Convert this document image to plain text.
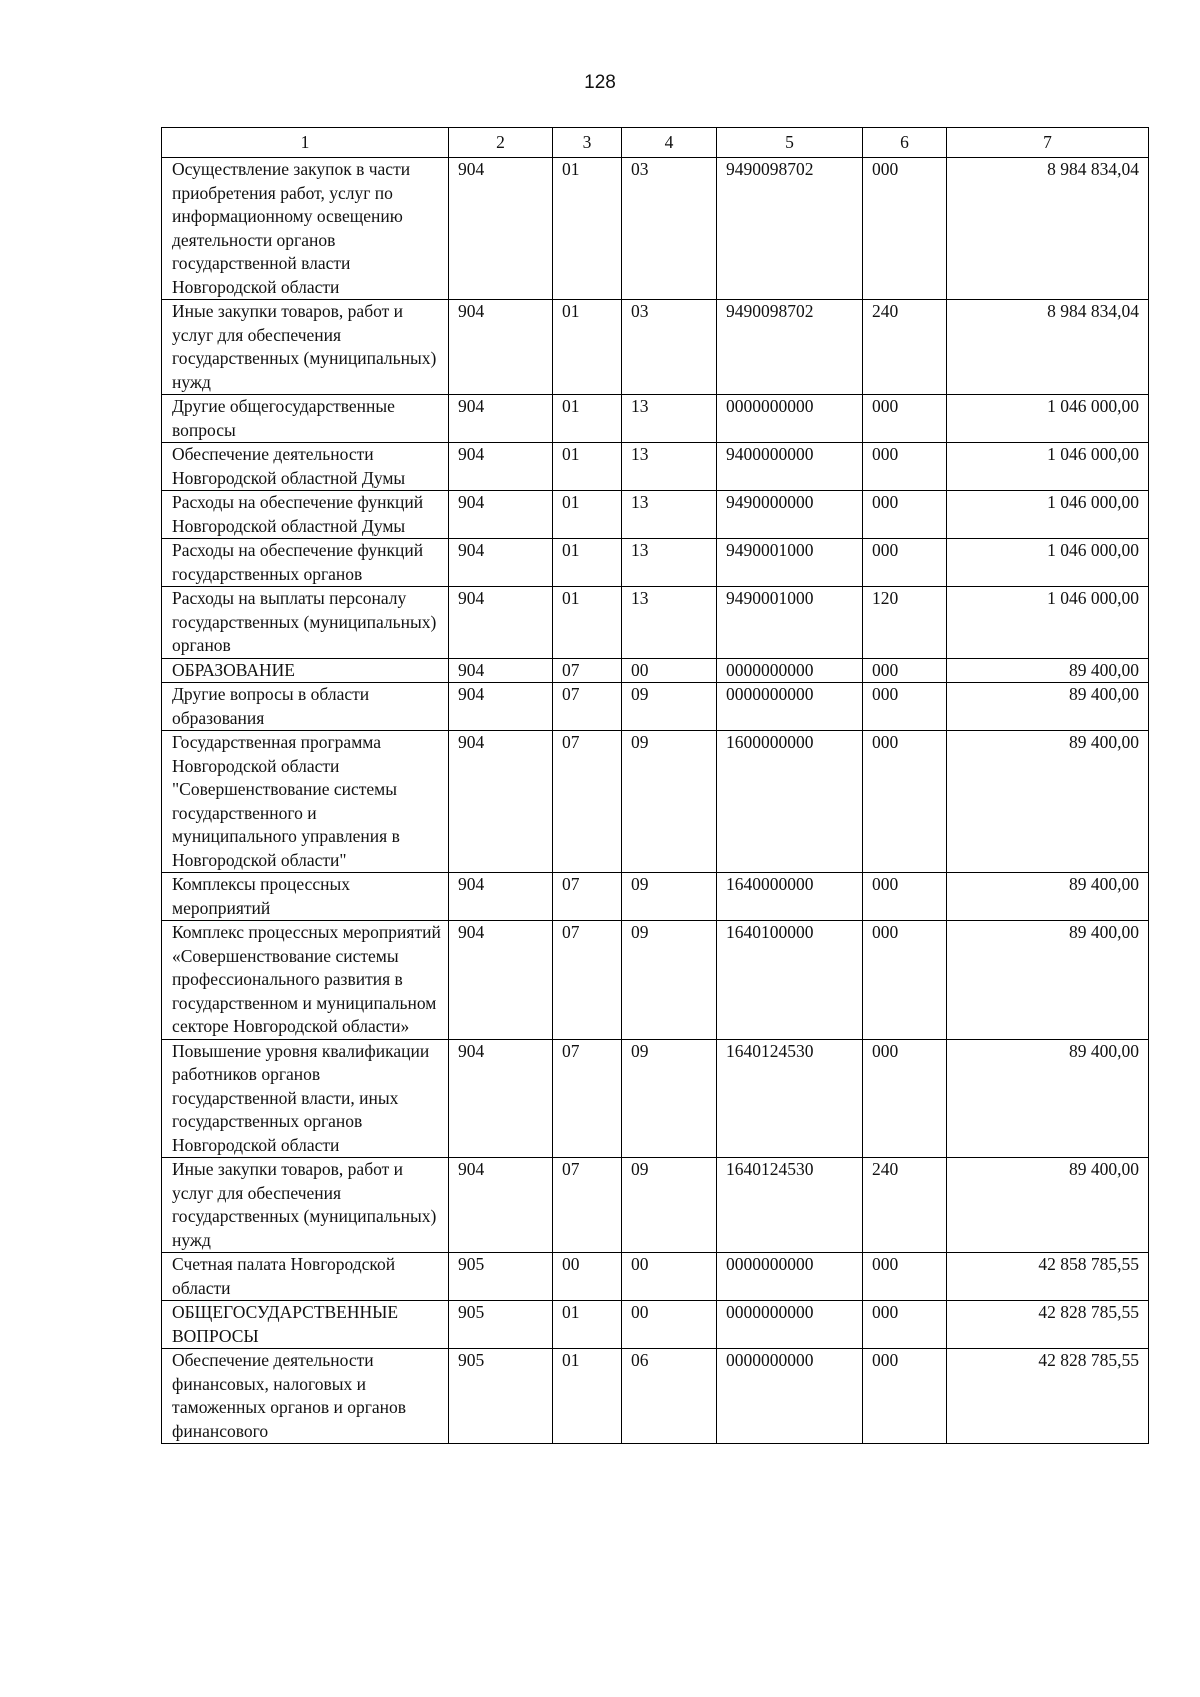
128
1	2	3	4	5	6	7
Осуществление закупок в части приобретения работ, услуг по информационному освещению деятельности органов государственной власти Новгородской области	904	01	03	9490098702	000	8 984 834,04
Иные закупки товаров, работ и услуг для обеспечения государственных (муниципальных) нужд	904	01	03	9490098702	240	8 984 834,04
Другие общегосударственные вопросы	904	01	13	0000000000	000	1 046 000,00
Обеспечение деятельности Новгородской областной Думы	904	01	13	9400000000	000	1 046 000,00
Расходы на обеспечение функций Новгородской областной Думы	904	01	13	9490000000	000	1 046 000,00
Расходы на обеспечение функций государственных органов	904	01	13	9490001000	000	1 046 000,00
Расходы на выплаты персоналу государственных (муниципальных) органов	904	01	13	9490001000	120	1 046 000,00
ОБРАЗОВАНИЕ	904	07	00	0000000000	000	89 400,00
Другие вопросы в области образования	904	07	09	0000000000	000	89 400,00
Государственная программа Новгородской области "Совершенствование системы государственного и муниципального управления в Новгородской области"	904	07	09	1600000000	000	89 400,00
Комплексы процессных мероприятий	904	07	09	1640000000	000	89 400,00
Комплекс процессных мероприятий «Совершенствование системы профессионального развития в государственном и муниципальном секторе Новгородской области»	904	07	09	1640100000	000	89 400,00
Повышение уровня квалификации работников органов государственной власти, иных государственных органов Новгородской области	904	07	09	1640124530	000	89 400,00
Иные закупки товаров, работ и услуг для обеспечения государственных (муниципальных) нужд	904	07	09	1640124530	240	89 400,00
Счетная палата Новгородской области	905	00	00	0000000000	000	42 858 785,55
ОБЩЕГОСУДАРСТВЕННЫЕ ВОПРОСЫ	905	01	00	0000000000	000	42 828 785,55
Обеспечение деятельности финансовых, налоговых и таможенных органов и органов финансового	905	01	06	0000000000	000	42 828 785,55
